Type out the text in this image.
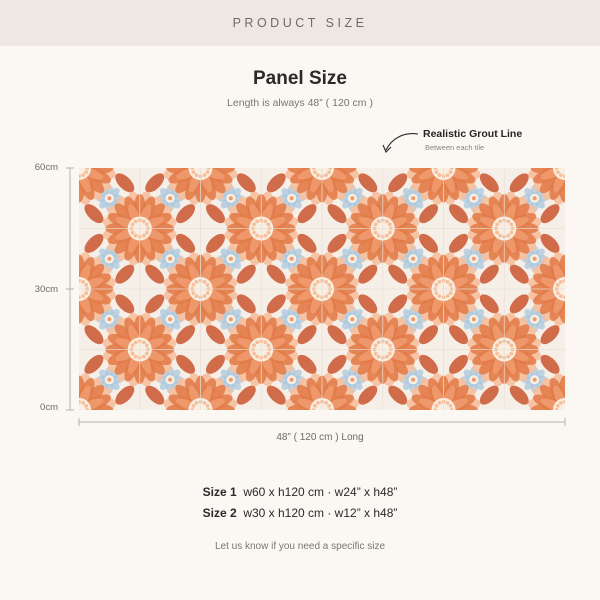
PRODUCT SIZE
Panel Size
Length is always 48” ( 120 cm )
Realistic Grout Line
Between each tile
60cm
30cm
0cm
48” ( 120 cm ) Long
Size 1 w60 x h120 cm · w24” x h48”
Size 2 w30 x h120 cm · w12” x h48”
Let us know if you need a specific size
